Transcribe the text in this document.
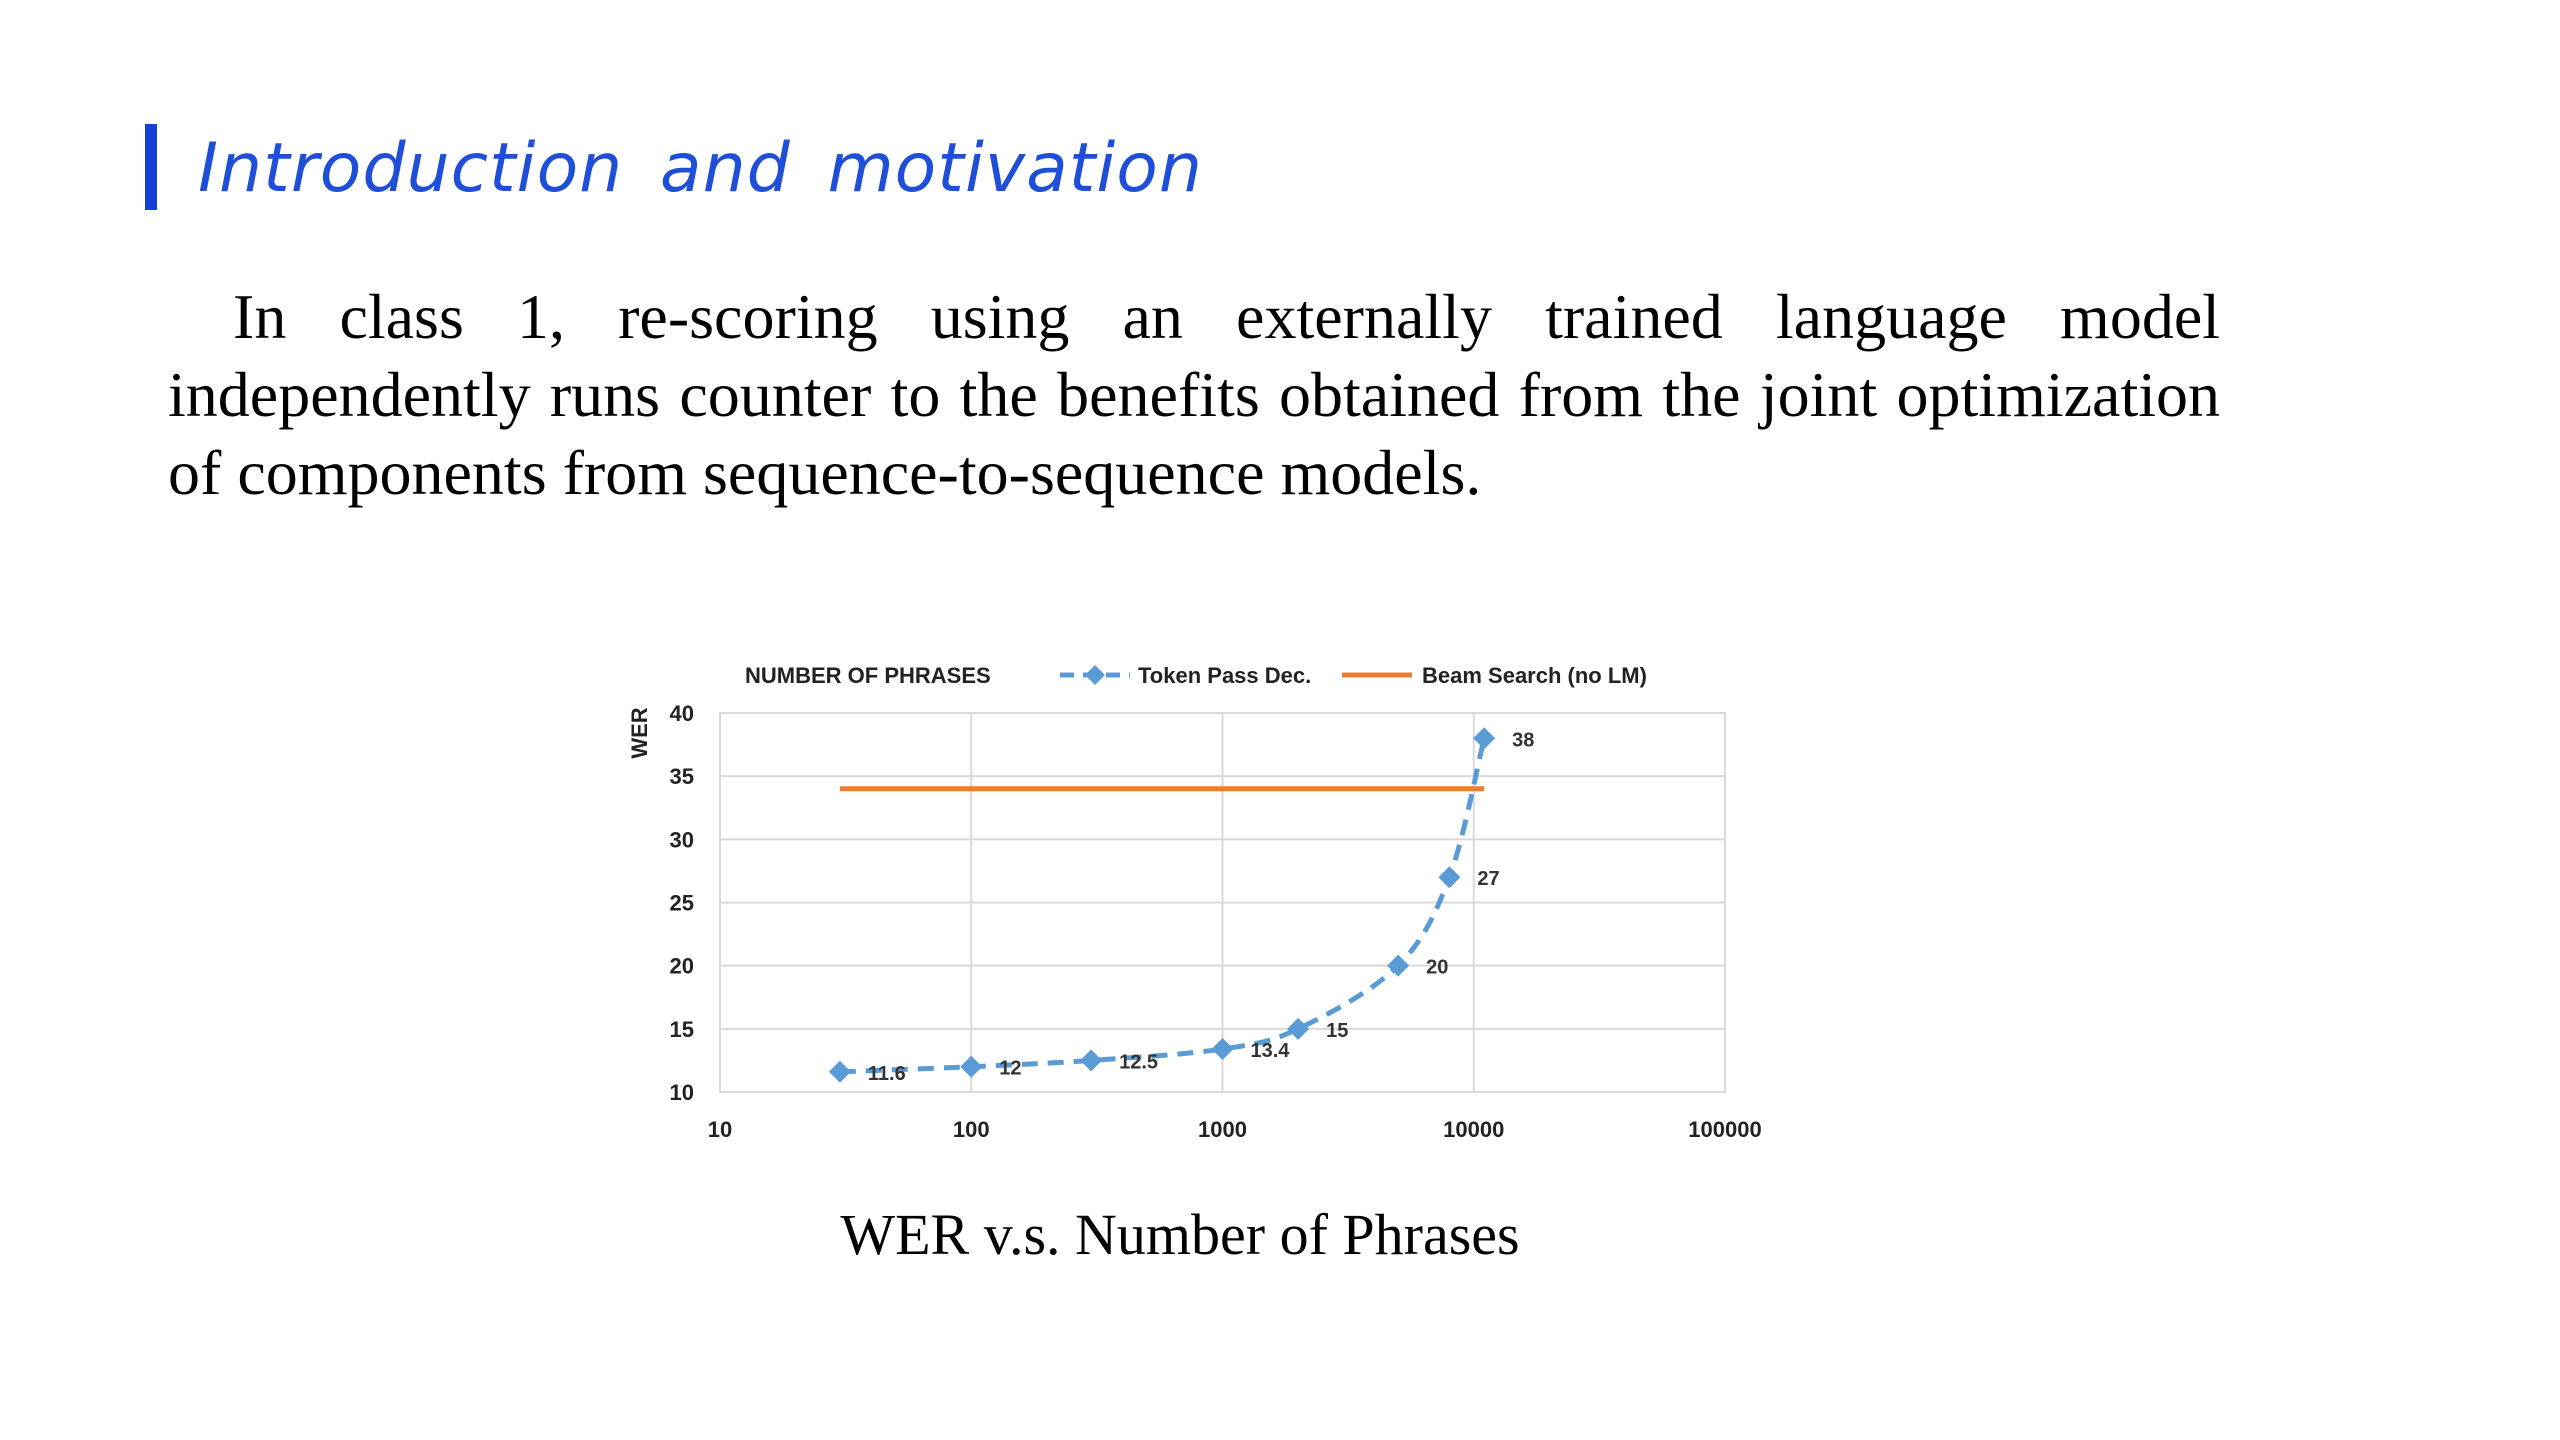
Introduction and motivation

In class 1, re-scoring using an externally trained language model independently runs counter to the benefits obtained from the joint optimization of components from sequence-to-sequence models.

10
15
20
25
30
35
40
10	100	1000	10000	100000
WER
NUMBER OF PHRASES	Token Pass Dec.	Beam Search (no LM)
11.6	12	12.5
13.4
15
20
27
38
WER v.s. Number of Phrases
